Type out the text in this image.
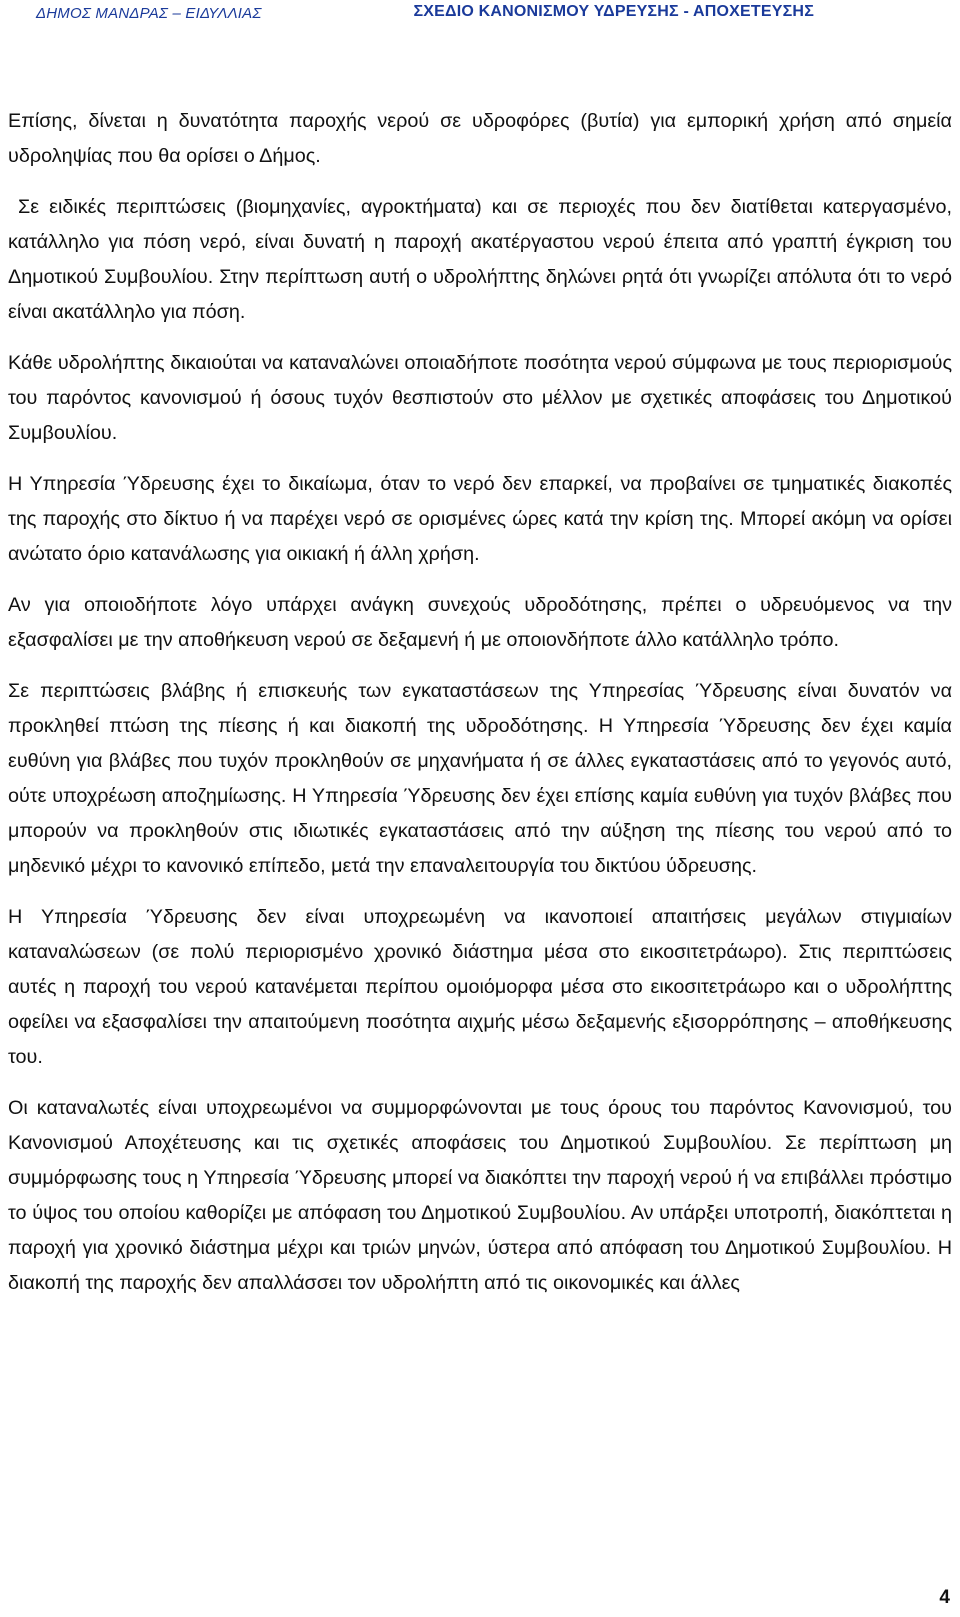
ΔΗΜΟΣ ΜΑΝΔΡΑΣ – ΕΙΔΥΛΛΙΑΣ	ΣΧΕΔΙΟ ΚΑΝΟΝΙΣΜΟΥ ΥΔΡΕΥΣΗΣ - ΑΠΟΧΕΤΕΥΣΗΣ

Επίσης, δίνεται η δυνατότητα παροχής νερού σε υδροφόρες (βυτία) για εμπορική χρήση από σημεία υδροληψίας που θα ορίσει ο Δήμος.

Σε ειδικές περιπτώσεις (βιομηχανίες, αγροκτήματα) και σε περιοχές που δεν διατίθεται κατεργασμένο, κατάλληλο για πόση νερό, είναι δυνατή η παροχή ακατέργαστου νερού έπειτα από γραπτή έγκριση του Δημοτικού Συμβουλίου. Στην περίπτωση αυτή ο υδρολήπτης δηλώνει ρητά ότι γνωρίζει απόλυτα ότι το νερό είναι ακατάλληλο για πόση.

Κάθε υδρολήπτης δικαιούται να καταναλώνει οποιαδήποτε ποσότητα νερού σύμφωνα με τους περιορισμούς του παρόντος κανονισμού ή όσους τυχόν θεσπιστούν στο μέλλον με σχετικές αποφάσεις του Δημοτικού Συμβουλίου.

Η Υπηρεσία Ύδρευσης έχει το δικαίωμα, όταν το νερό δεν επαρκεί, να προβαίνει σε τμηματικές διακοπές της παροχής στο δίκτυο ή να παρέχει νερό σε ορισμένες ώρες κατά την κρίση της. Μπορεί ακόμη να ορίσει ανώτατο όριο κατανάλωσης για οικιακή ή άλλη χρήση.

Αν για οποιοδήποτε λόγο υπάρχει ανάγκη συνεχούς υδροδότησης, πρέπει ο υδρευόμενος να την εξασφαλίσει με την αποθήκευση νερού σε δεξαμενή ή με οποιονδήποτε άλλο κατάλληλο τρόπο.

Σε περιπτώσεις βλάβης ή επισκευής των εγκαταστάσεων της Υπηρεσίας Ύδρευσης είναι δυνατόν να προκληθεί πτώση της πίεσης ή και διακοπή της υδροδότησης. Η Υπηρεσία Ύδρευσης δεν έχει καμία ευθύνη για βλάβες που τυχόν προκληθούν σε μηχανήματα ή σε άλλες εγκαταστάσεις από το γεγονός αυτό, ούτε υποχρέωση αποζημίωσης. Η Υπηρεσία Ύδρευσης δεν έχει επίσης καμία ευθύνη για τυχόν βλάβες που μπορούν να προκληθούν στις ιδιωτικές εγκαταστάσεις από την αύξηση της πίεσης του νερού από το μηδενικό μέχρι το κανονικό επίπεδο, μετά την επαναλειτουργία του δικτύου ύδρευσης.

Η Υπηρεσία Ύδρευσης δεν είναι υποχρεωμένη να ικανοποιεί απαιτήσεις μεγάλων στιγμιαίων καταναλώσεων (σε πολύ περιορισμένο χρονικό διάστημα μέσα στο εικοσιτετράωρο). Στις περιπτώσεις αυτές η παροχή του νερού κατανέμεται περίπου ομοιόμορφα μέσα στο εικοσιτετράωρο και ο υδρολήπτης οφείλει να εξασφαλίσει την απαιτούμενη ποσότητα αιχμής μέσω δεξαμενής εξισορρόπησης – αποθήκευσης του.

Οι καταναλωτές είναι υποχρεωμένοι να συμμορφώνονται με τους όρους του παρόντος Κανονισμού, του Κανονισμού Αποχέτευσης και τις σχετικές αποφάσεις του Δημοτικού Συμβουλίου. Σε περίπτωση μη συμμόρφωσης τους η Υπηρεσία Ύδρευσης μπορεί να διακόπτει την παροχή νερού ή να επιβάλλει πρόστιμο το ύψος του οποίου καθορίζει με απόφαση του Δημοτικού Συμβουλίου. Αν υπάρξει υποτροπή, διακόπτεται η παροχή για χρονικό διάστημα μέχρι και τριών μηνών, ύστερα από απόφαση του Δημοτικού Συμβουλίου. Η διακοπή της παροχής δεν απαλλάσσει τον υδρολήπτη από τις οικονομικές και άλλες

4
